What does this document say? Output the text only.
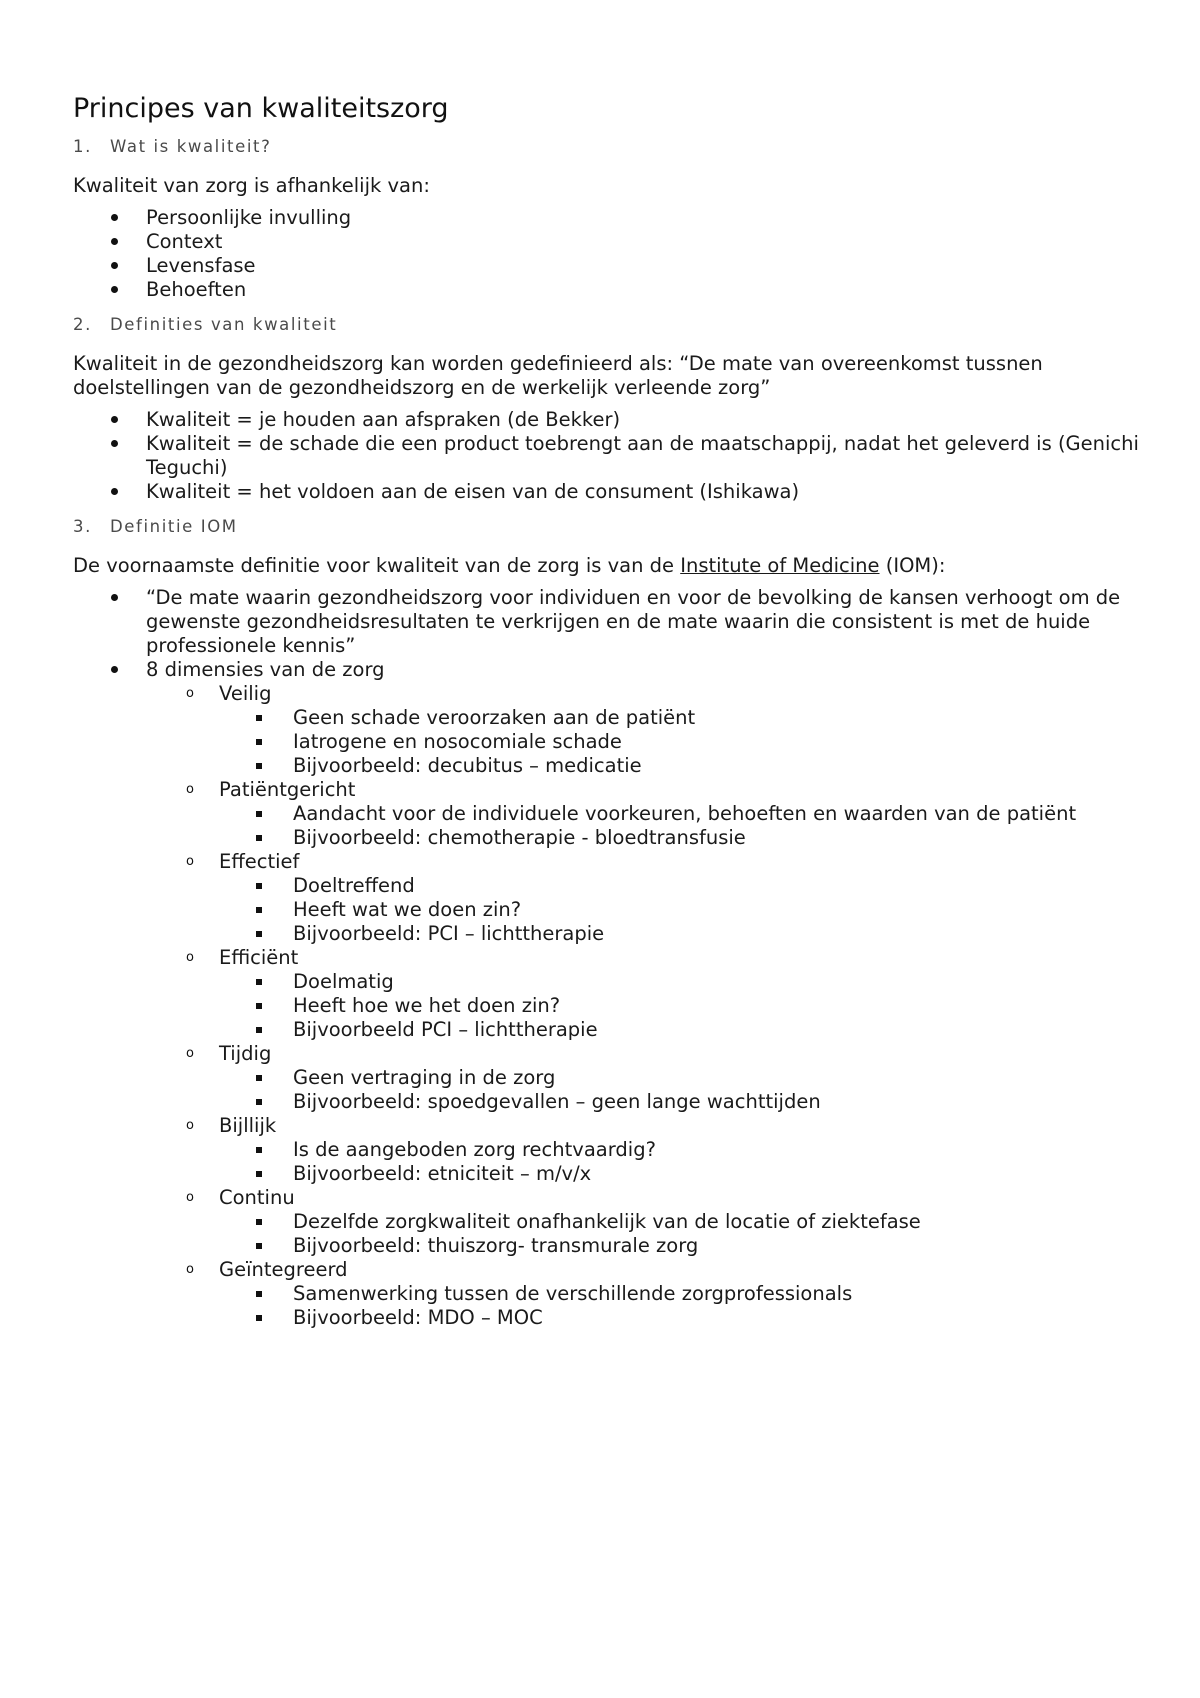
Principes van kwaliteitszorg
1.	Wat is kwaliteit?

Kwaliteit van zorg is afhankelijk van:

Persoonlijke invulling
Context
Levensfase
Behoeften
2.	Definities van kwaliteit

Kwaliteit in de gezondheidszorg kan worden gedefinieerd als: “De mate van overeenkomst tussnen doelstellingen van de gezondheidszorg en de werkelijk verleende zorg”

Kwaliteit = je houden aan afspraken (de Bekker)
Kwaliteit = de schade die een product toebrengt aan de maatschappij, nadat het geleverd is (Genichi Teguchi)
Kwaliteit = het voldoen aan de eisen van de consument (Ishikawa)
3.	Definitie IOM

De voornaamste definitie voor kwaliteit van de zorg is van de Institute of Medicine (IOM):

“De mate waarin gezondheidszorg voor individuen en voor de bevolking de kansen verhoogt om de gewenste gezondheidsresultaten te verkrijgen en de mate waarin die consistent is met de huide professionele kennis”
8 dimensies van de zorg
o Veilig
Geen schade veroorzaken aan de patiënt
Iatrogene en nosocomiale schade
Bijvoorbeeld: decubitus – medicatie
o Patiëntgericht
Aandacht voor de individuele voorkeuren, behoeften en waarden van de patiënt
Bijvoorbeeld: chemotherapie - bloedtransfusie
o Effectief
Doeltreffend
Heeft wat we doen zin?
Bijvoorbeeld: PCI – lichttherapie
o Efficiënt
Doelmatig
Heeft hoe we het doen zin?
Bijvoorbeeld PCI – lichttherapie
o Tijdig
Geen vertraging in de zorg
Bijvoorbeeld: spoedgevallen – geen lange wachttijden
o Bijllijk
Is de aangeboden zorg rechtvaardig?
Bijvoorbeeld: etniciteit – m/v/x
o Continu
Dezelfde zorgkwaliteit onafhankelijk van de locatie of ziektefase
Bijvoorbeeld: thuiszorg- transmurale zorg
o Geïntegreerd
Samenwerking tussen de verschillende zorgprofessionals
Bijvoorbeeld: MDO – MOC
